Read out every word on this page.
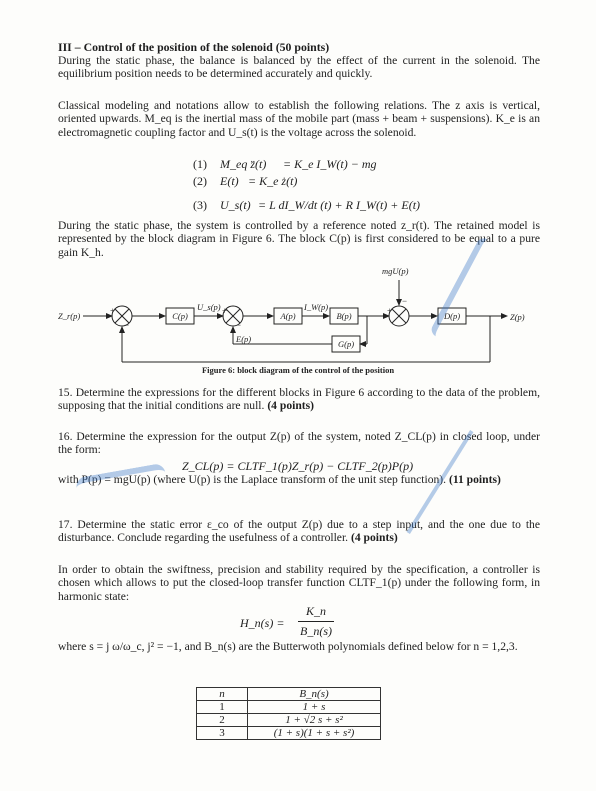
III – Control of the position of the solenoid (50 points)
During the static phase, the balance is balanced by the effect of the current in the solenoid. The equilibrium position needs to be determined accurately and quickly.
Classical modeling and notations allow to establish the following relations. The z axis is vertical, oriented upwards. M_eq is the inertial mass of the mobile part (mass + beam + suspensions). K_e is an electromagnetic coupling factor and U_s(t) is the voltage across the solenoid.
(1) M_eq z̈(t) = K_e I_W(t) − mg
(2) E(t) = K_e ż(t)
(3) U_s(t) = L dI_W/dt (t) + R I_W(t) + E(t)
During the static phase, the system is controlled by a reference noted z_r(t). The retained model is represented by the block diagram in Figure 6. The block C(p) is first considered to be equal to a pure gain K_h.
Z_r(p)	Z(p)
mgU(p)
U_s(p)	I_W(p)
E(p)
+
−
+
−
+
−
C(p)	A(p)	B(p)	D(p)
G(p)
Figure 6: block diagram of the control of the position
15. Determine the expressions for the different blocks in Figure 6 according to the data of the problem, supposing that the initial conditions are null. (4 points)
16. Determine the expression for the output Z(p) of the system, noted Z_CL(p) in closed loop, under the form:
Z_CL(p) = CLTF_1(p)Z_r(p) − CLTF_2(p)P(p)
with P(p) = mgU(p) (where U(p) is the Laplace transform of the unit step function). (11 points)
17. Determine the static error ε_co of the output Z(p) due to a step input, and the one due to the disturbance. Conclude regarding the usefulness of a controller. (4 points)
In order to obtain the swiftness, precision and stability required by the specification, a controller is chosen which allows to put the closed-loop transfer function CLTF_1(p) under the following form, in harmonic state:
H_n(s) =
K_n
B_n(s)
where s = j ω/ω_c, j² = −1, and B_n(s) are the Butterwoth polynomials defined below for n = 1,2,3.
n	B_n(s)
1	1 + s
2	1 + √2 s + s²
3	(1 + s)(1 + s + s²)
